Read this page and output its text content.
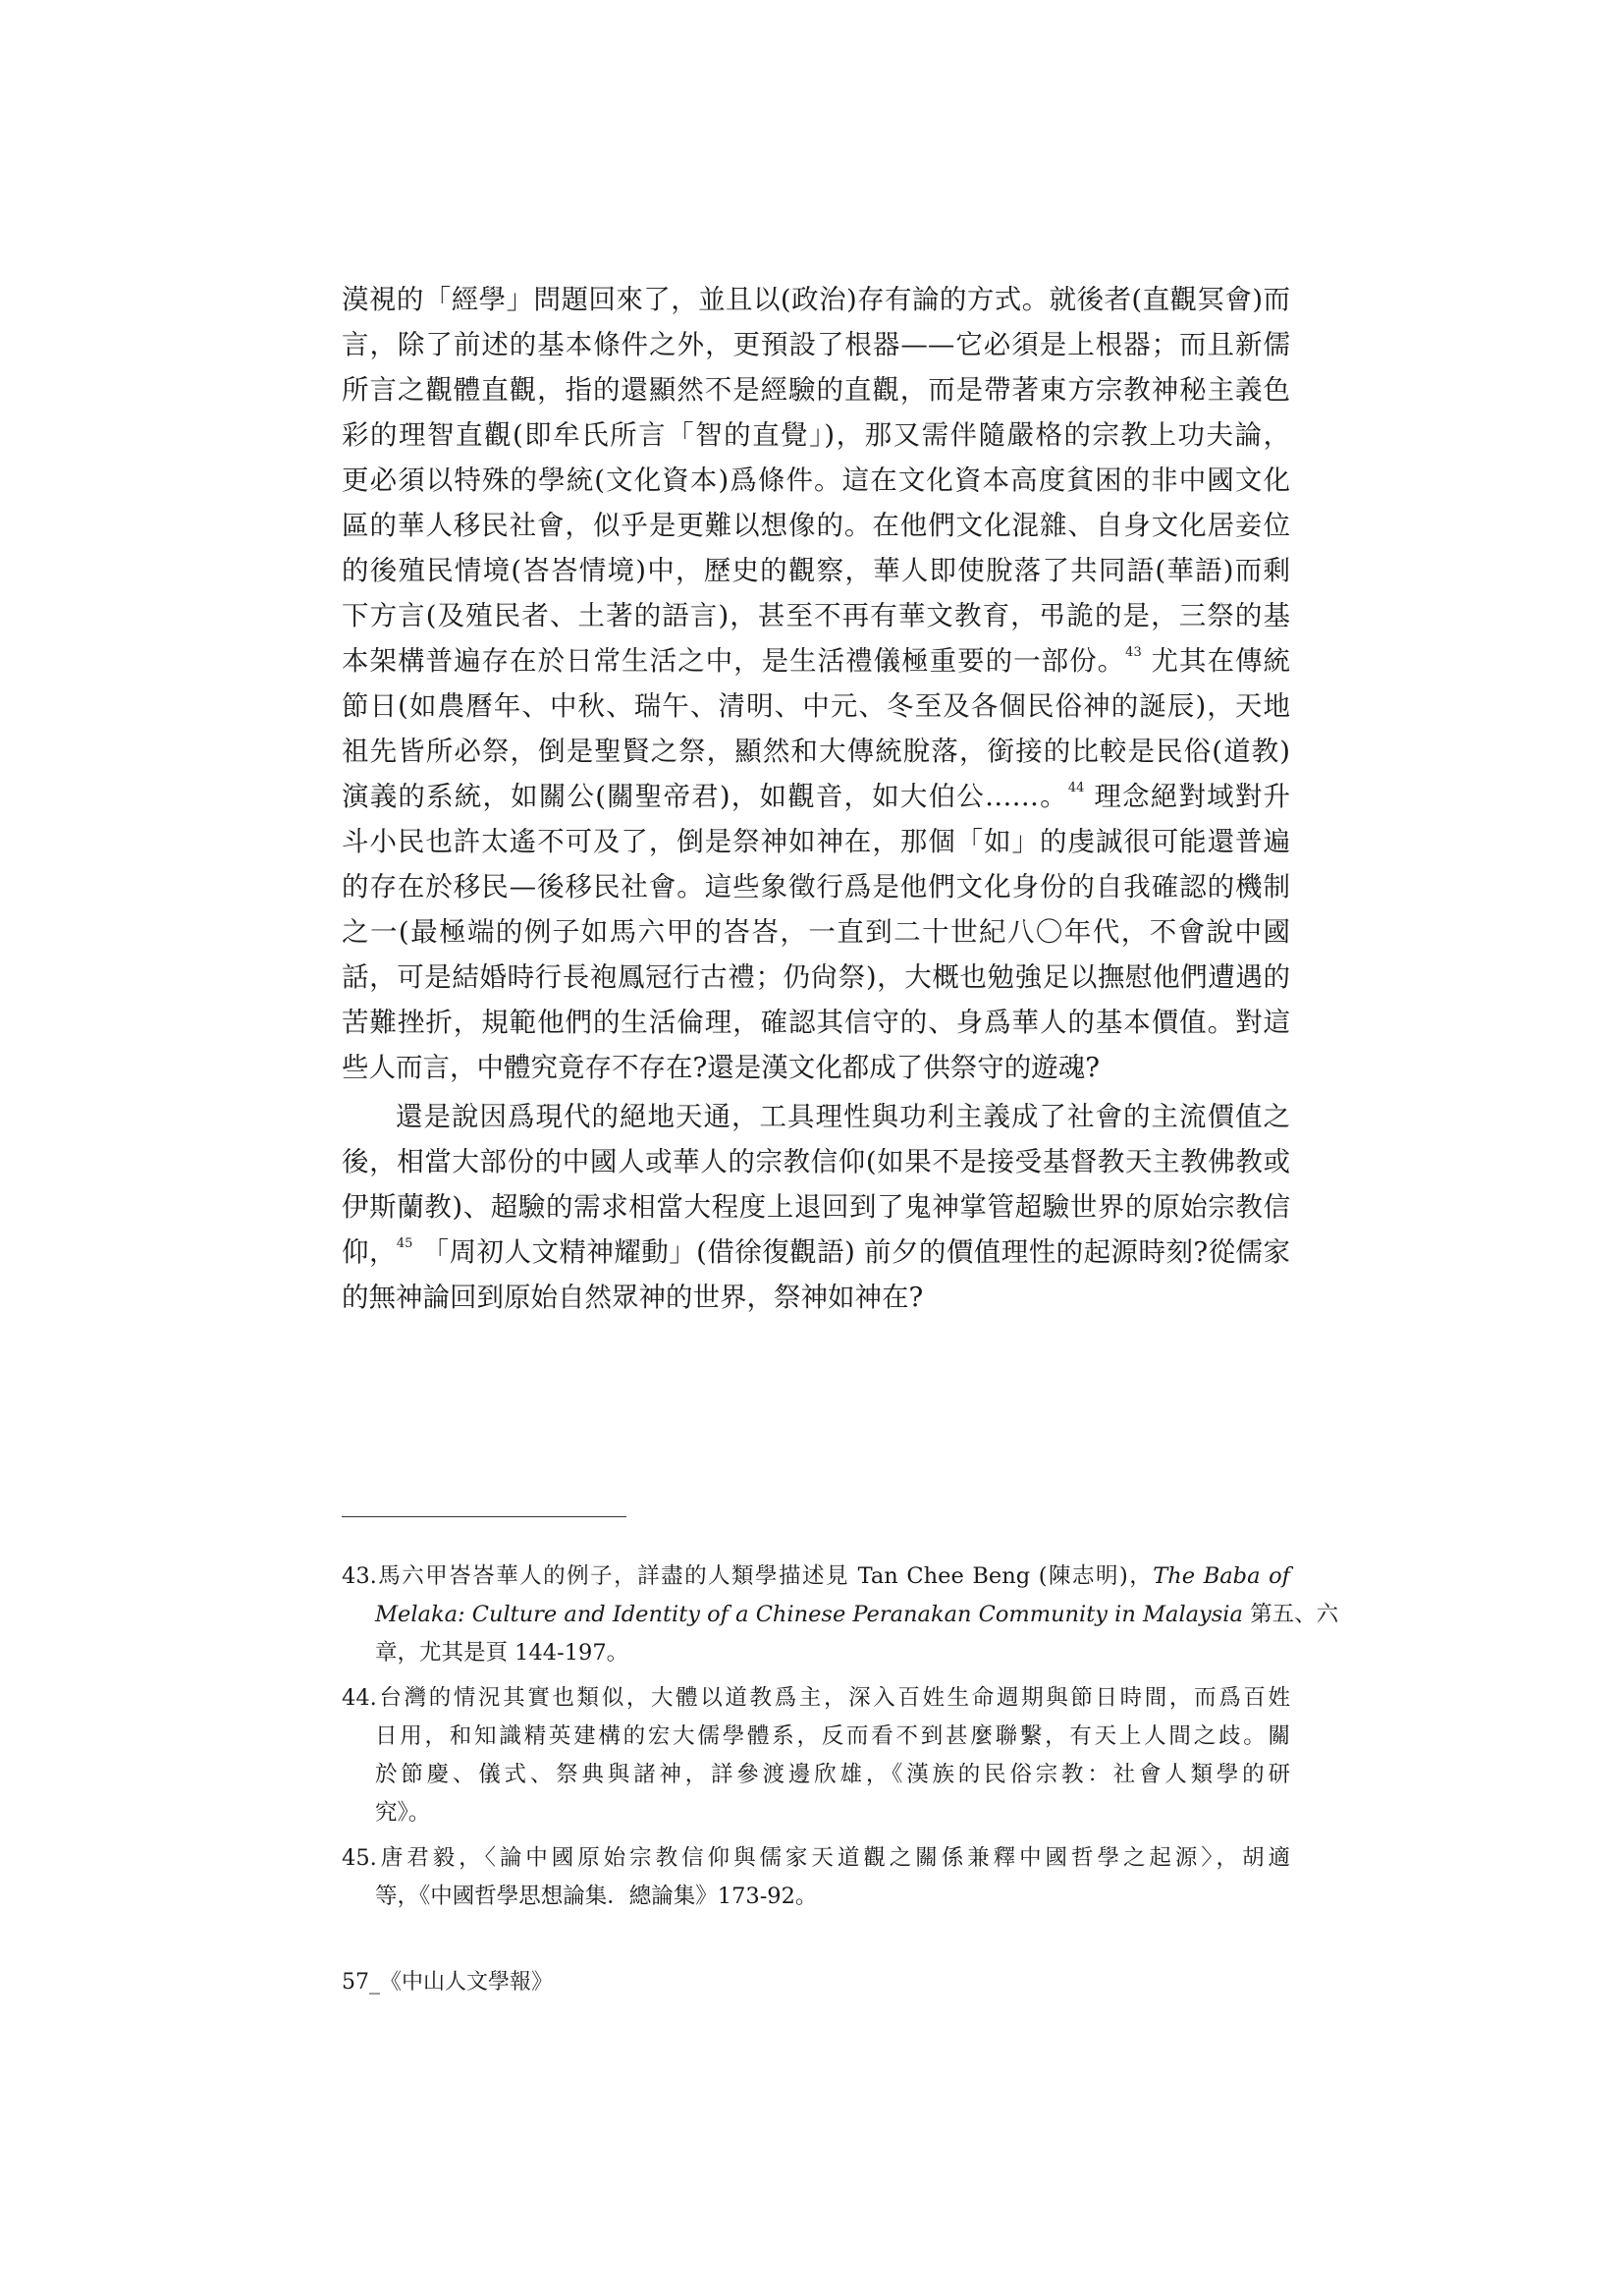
漠視的「經學」問題回來了，並且以(政治)存有論的方式。就後者(直觀冥會)而
言，除了前述的基本條件之外，更預設了根器——它必須是上根器；而且新儒
所言之觀體直觀，指的還顯然不是經驗的直觀，而是帶著東方宗教神秘主義色
彩的理智直觀(即牟氏所言「智的直覺」)，那又需伴隨嚴格的宗教上功夫論，
更必須以特殊的學統(文化資本)爲條件。這在文化資本高度貧困的非中國文化
區的華人移民社會，似乎是更難以想像的。在他們文化混雜、自身文化居妾位
的後殖民情境(峇峇情境)中，歷史的觀察，華人即使脫落了共同語(華語)而剩
下方言(及殖民者、土著的語言)，甚至不再有華文教育，弔詭的是，三祭的基
本架構普遍存在於日常生活之中，是生活禮儀極重要的一部份。$^{43}$ 尤其在傳統
節日(如農曆年、中秋、瑞午、清明、中元、冬至及各個民俗神的誕辰)，天地
祖先皆所必祭，倒是聖賢之祭，顯然和大傳統脫落，銜接的比較是民俗(道教)
演義的系統，如關公(關聖帝君)，如觀音，如大伯公……。$^{44}$ 理念絕對域對升
斗小民也許太遙不可及了，倒是祭神如神在，那個「如」的虔誠很可能還普遍
的存在於移民—後移民社會。這些象徵行爲是他們文化身份的自我確認的機制
之一(最極端的例子如馬六甲的峇峇，一直到二十世紀八〇年代，不會說中國
話，可是結婚時行長袍鳳冠行古禮；仍尙祭)，大概也勉強足以撫慰他們遭遇的
苦難挫折，規範他們的生活倫理，確認其信守的、身爲華人的基本價值。對這
些人而言，中體究竟存不存在?還是漢文化都成了供祭守的遊魂?
還是說因爲現代的絕地天通，工具理性與功利主義成了社會的主流價值之
後，相當大部份的中國人或華人的宗教信仰(如果不是接受基督教天主教佛教或
伊斯蘭教)、超驗的需求相當大程度上退回到了鬼神掌管超驗世界的原始宗教信
仰，$^{45}$ 「周初人文精神耀動」(借徐復觀語) 前夕的價值理性的起源時刻?從儒家
的無神論回到原始自然眾神的世界，祭神如神在?
43.馬六甲峇峇華人的例子，詳盡的人類學描述見 Tan Chee Beng (陳志明)，The Baba of
Melaka: Culture and Identity of a Chinese Peranakan Community in Malaysia 第五、六
章，尤其是頁 144-197。
44.台灣的情況其實也類似，大體以道教爲主，深入百姓生命週期與節日時間，而爲百姓
日用，和知識精英建構的宏大儒學體系，反而看不到甚麼聯繫，有天上人間之歧。關
於節慶、儀式、祭典與諸神，詳參渡邊欣雄，《漢族的民俗宗教：社會人類學的研
究》。
45.唐君毅，〈論中國原始宗教信仰與儒家天道觀之關係兼釋中國哲學之起源〉，胡適
等，《中國哲學思想論集．總論集》173-92。
57_《中山人文學報》
